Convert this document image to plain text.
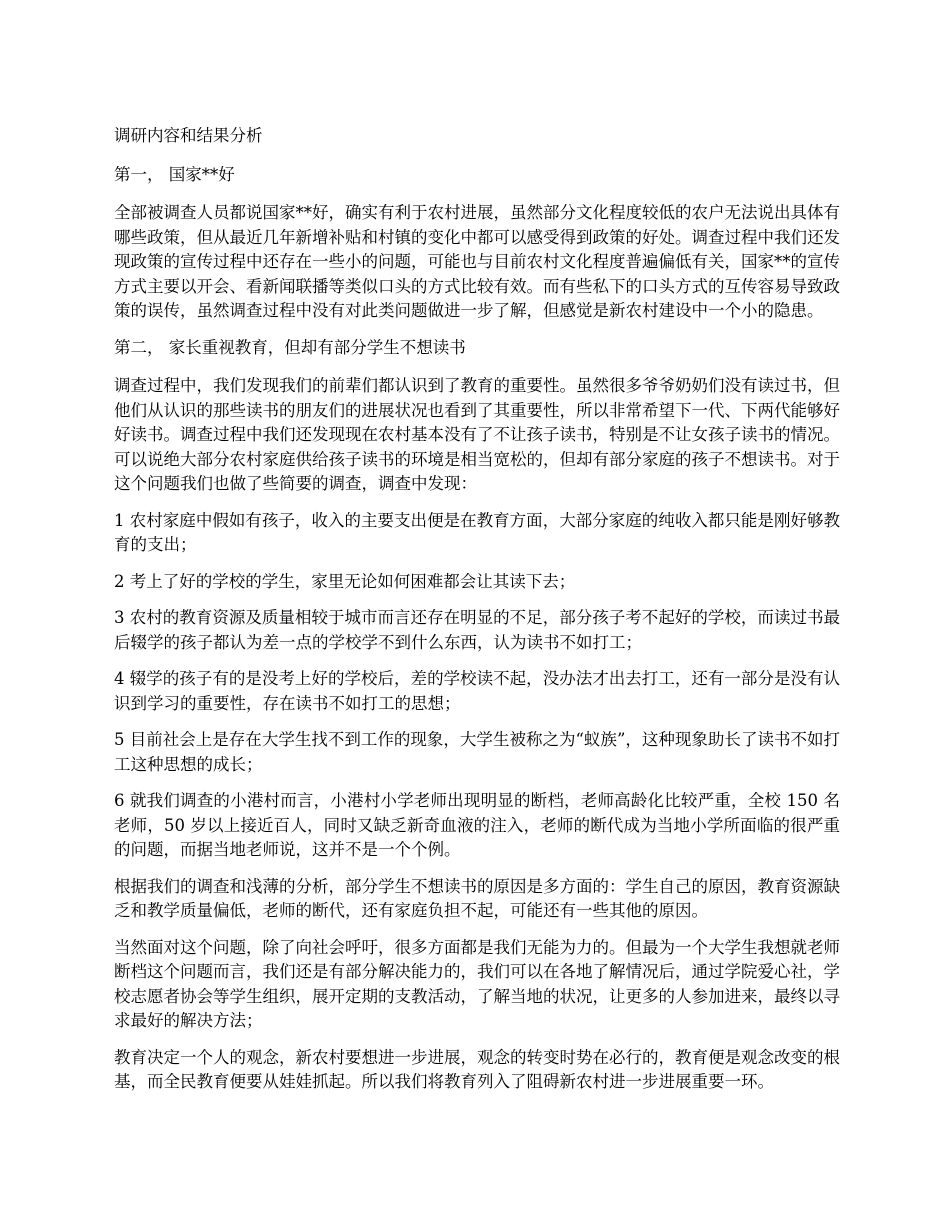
调研内容和结果分析

第一， 国家**好

全部被调查人员都说国家**好，确实有利于农村进展，虽然部分文化程度较低的农户无法说出具体有哪些政策，但从最近几年新增补贴和村镇的变化中都可以感受得到政策的好处。调查过程中我们还发现政策的宣传过程中还存在一些小的问题，可能也与目前农村文化程度普遍偏低有关，国家**的宣传方式主要以开会、看新闻联播等类似口头的方式比较有效。而有些私下的口头方式的互传容易导致政策的误传，虽然调查过程中没有对此类问题做进一步了解，但感觉是新农村建设中一个小的隐患。

第二， 家长重视教育，但却有部分学生不想读书

调查过程中，我们发现我们的前辈们都认识到了教育的重要性。虽然很多爷爷奶奶们没有读过书，但他们从认识的那些读书的朋友们的进展状况也看到了其重要性，所以非常希望下一代、下两代能够好好读书。调查过程中我们还发现现在农村基本没有了不让孩子读书，特别是不让女孩子读书的情况。可以说绝大部分农村家庭供给孩子读书的环境是相当宽松的，但却有部分家庭的孩子不想读书。对于这个问题我们也做了些简要的调查，调查中发现：

1 农村家庭中假如有孩子，收入的主要支出便是在教育方面，大部分家庭的纯收入都只能是刚好够教育的支出；

2 考上了好的学校的学生，家里无论如何困难都会让其读下去；

3 农村的教育资源及质量相较于城市而言还存在明显的不足，部分孩子考不起好的学校，而读过书最后辍学的孩子都认为差一点的学校学不到什么东西，认为读书不如打工；

4 辍学的孩子有的是没考上好的学校后，差的学校读不起，没办法才出去打工，还有一部分是没有认识到学习的重要性，存在读书不如打工的思想；

5 目前社会上是存在大学生找不到工作的现象，大学生被称之为“蚁族”，这种现象助长了读书不如打工这种思想的成长；

6 就我们调查的小港村而言，小港村小学老师出现明显的断档，老师高龄化比较严重，全校 150 名老师，50 岁以上接近百人，同时又缺乏新奇血液的注入，老师的断代成为当地小学所面临的很严重的问题，而据当地老师说，这并不是一个个例。

根据我们的调查和浅薄的分析，部分学生不想读书的原因是多方面的：学生自己的原因，教育资源缺乏和教学质量偏低，老师的断代，还有家庭负担不起，可能还有一些其他的原因。

当然面对这个问题，除了向社会呼吁，很多方面都是我们无能为力的。但最为一个大学生我想就老师断档这个问题而言，我们还是有部分解决能力的，我们可以在各地了解情况后，通过学院爱心社，学校志愿者协会等学生组织，展开定期的支教活动，了解当地的状况，让更多的人参加进来，最终以寻求最好的解决方法；

教育决定一个人的观念，新农村要想进一步进展，观念的转变时势在必行的，教育便是观念改变的根基，而全民教育便要从娃娃抓起。所以我们将教育列入了阻碍新农村进一步进展重要一环。
